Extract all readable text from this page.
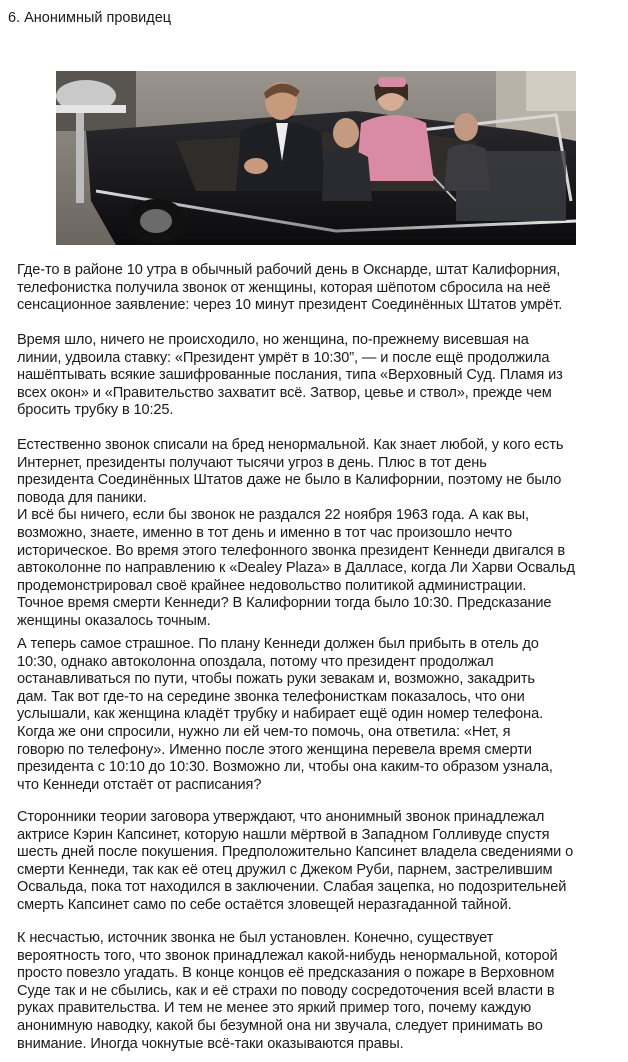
6. Анонимный провидец
Где-то в районе 10 утра в обычный рабочий день в Окснарде, штат Калифорния,
телефонистка получила звонок от женщины, которая шёпотом сбросила на неё
сенсационное заявление: через 10 минут президент Соединённых Штатов умрёт.
Время шло, ничего не происходило, но женщина, по-прежнему висевшая на
линии, удвоила ставку: «Президент умрёт в 10:30”, — и после ещё продолжила
нашёптывать всякие зашифрованные послания, типа «Верховный Суд. Пламя из
всех окон» и «Правительство захватит всё. Затвор, цевье и ствол», прежде чем
бросить трубку в 10:25.
Естественно звонок списали на бред ненормальной. Как знает любой, у кого есть
Интернет, президенты получают тысячи угроз в день. Плюс в тот день
президента Соединённых Штатов даже не было в Калифорнии, поэтому не было
повода для паники.
И всё бы ничего, если бы звонок не раздался 22 ноября 1963 года. А как вы,
возможно, знаете, именно в тот день и именно в тот час произошло нечто
историческое. Во время этого телефонного звонка президент Кеннеди двигался в
автоколонне по направлению к «Dealey Plaza» в Далласе, когда Ли Харви Освальд
продемонстрировал своё крайнее недовольство политикой администрации.
Точное время смерти Кеннеди? В Калифорнии тогда было 10:30. Предсказание
женщины оказалось точным.
А теперь самое страшное. По плану Кеннеди должен был прибыть в отель до
10:30, однако автоколонна опоздала, потому что президент продолжал
останавливаться по пути, чтобы пожать руки зевакам и, возможно, закадрить
дам. Так вот где-то на середине звонка телефонисткам показалось, что они
услышали, как женщина кладёт трубку и набирает ещё один номер телефона.
Когда же они спросили, нужно ли ей чем-то помочь, она ответила: «Нет, я
говорю по телефону». Именно после этого женщина перевела время смерти
президента с 10:10 до 10:30. Возможно ли, чтобы она каким-то образом узнала,
что Кеннеди отстаёт от расписания?
Сторонники теории заговора утверждают, что анонимный звонок принадлежал
актрисе Кэрин Капсинет, которую нашли мёртвой в Западном Голливуде спустя
шесть дней после покушения. Предположительно Капсинет владела сведениями о
смерти Кеннеди, так как её отец дружил с Джеком Руби, парнем, застрелившим
Освальда, пока тот находился в заключении. Слабая зацепка, но подозрительней
смерть Капсинет само по себе остаётся зловещей неразгаданной тайной.
К несчастью, источник звонка не был установлен. Конечно, существует
вероятность того, что звонок принадлежал какой-нибудь ненормальной, которой
просто повезло угадать. В конце концов её предсказания о пожаре в Верховном
Суде так и не сбылись, как и её страхи по поводу сосредоточения всей власти в
руках правительства. И тем не менее это яркий пример того, почему каждую
анонимную наводку, какой бы безумной она ни звучала, следует принимать во
внимание. Иногда чокнутые всё-таки оказываются правы.
